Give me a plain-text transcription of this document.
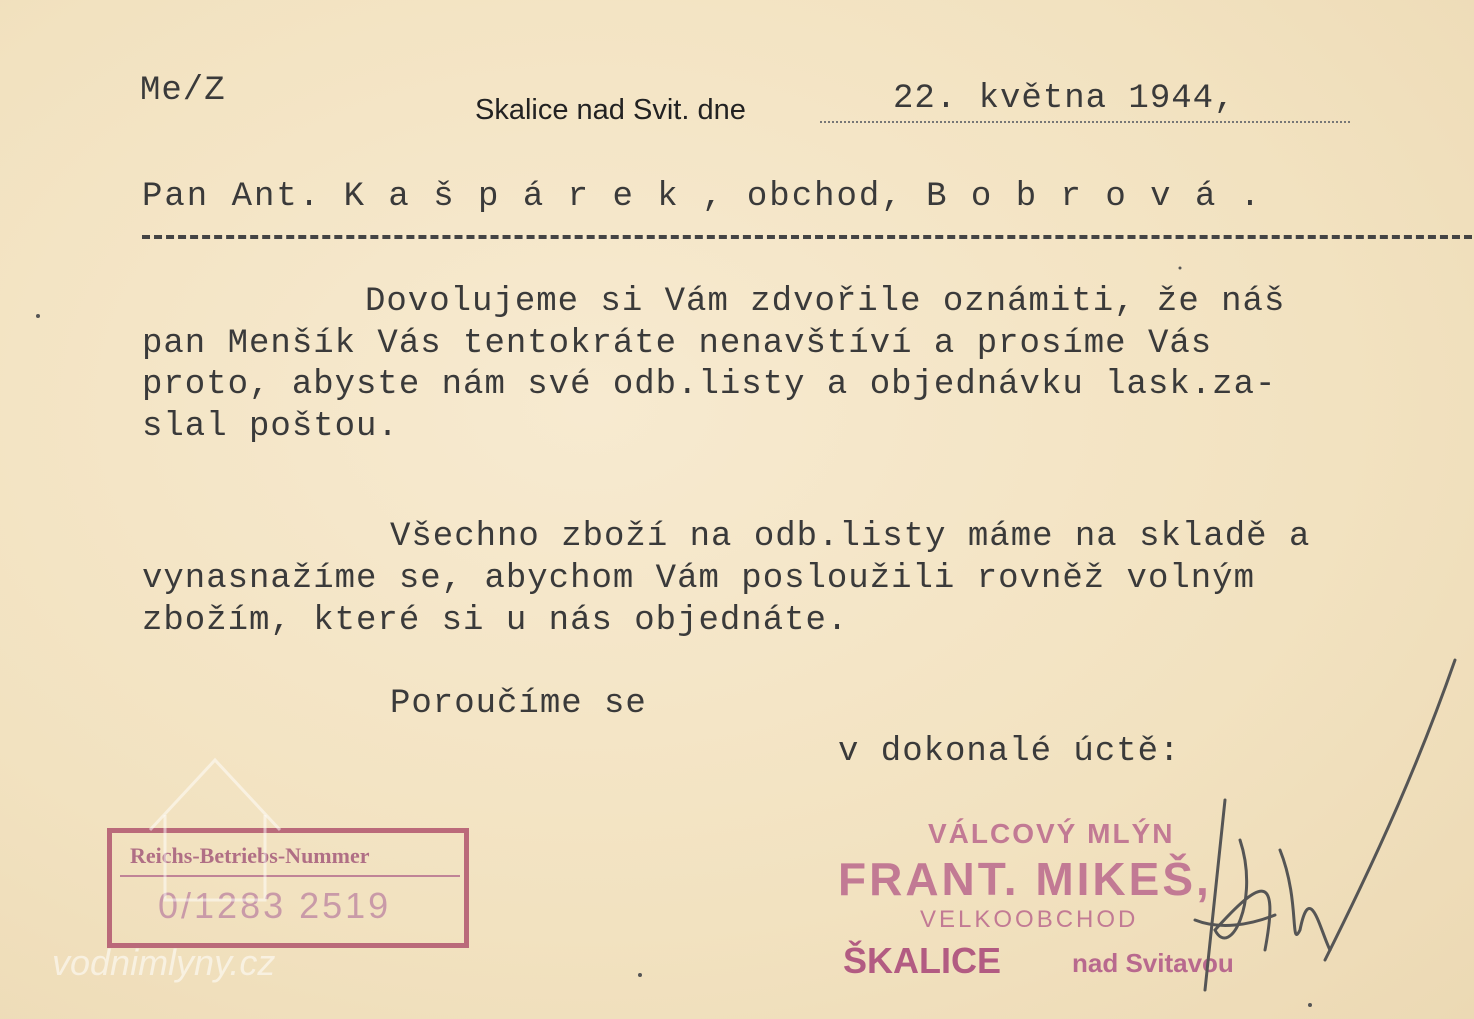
Me/Z	Skalice nad Svit. dne	22. května 1944,
Pan Ant. K a š p á r e k , obchod, B o b r o v á .
Dovolujeme si Vám zdvořile oznámiti, že náš
pan Menšík Vás tentokráte nenavštíví a prosíme Vás
proto, abyste nám své odb.listy a objednávku lask.za-
slal poštou.
Všechno zboží na odb.listy máme na skladě a
vynasnažíme se, abychom Vám posloužili rovněž volným
zbožím, které si u nás objednáte.
Poroučíme se
v dokonalé úctě:
Reichs-Betriebs-Nummer
0/1283 2519
VÁLCOVÝ MLÝN
FRANT. MIKEŠ,
VELKOOBCHOD
ŠKALICE	nad Svitavou
vodnimlyny.cz
